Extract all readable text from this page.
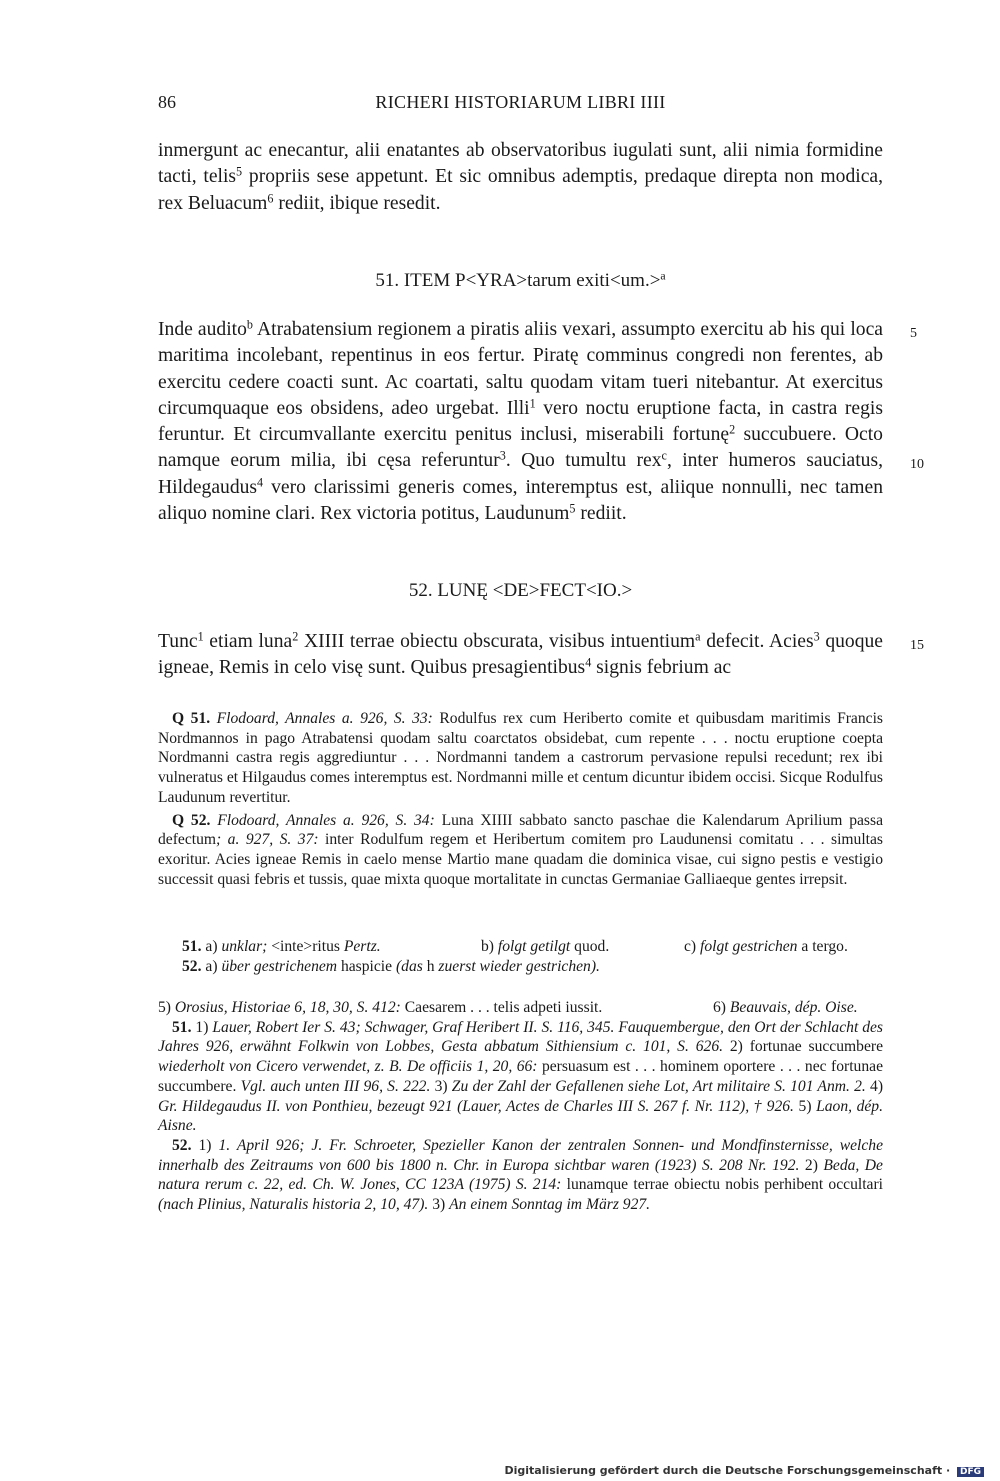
86	RICHERI HISTORIARUM LIBRI IIII

inmergunt ac enecantur, alii enatantes ab observatoribus iugulati sunt, alii nimia formidine tacti, telis$^5$ propriis sese appetunt. Et sic omnibus ademptis, predaque direpta non modica, rex Beluacum$^6$ rediit, ibique resedit.

51. ITEM P<YRA>tarum exiti<um.>$^a$

Inde audito$^b$ Atrabatensium regionem a piratis aliis vexari, assumpto exercitu ab his qui loca maritima incolebant, repentinus in eos fertur. Piratę comminus congredi non ferentes, ab exercitu cedere coacti sunt. Ac coartati, saltu quodam vitam tueri nitebantur. At exercitus circumquaque eos obsidens, adeo urgebat. Illi$^1$ vero noctu eruptione facta, in castra regis feruntur. Et circumvallante exercitu penitus inclusi, miserabili fortunę$^2$ succubuere. Octo namque eorum milia, ibi cęsa referuntur$^3$. Quo tumultu rex$^c$, inter humeros sauciatus, Hildegaudus$^4$ vero clarissimi generis comes, interemptus est, aliique nonnulli, nec tamen aliquo nomine clari. Rex victoria potitus, Laudunum$^5$ rediit.

5
10
52. LUNĘ <DE>FECT<IO.>

Tunc$^1$ etiam luna$^2$ XIIII terrae obiectu obscurata, visibus intuentium$^a$ defecit. Acies$^3$ quoque igneae, Remis in celo visę sunt. Quibus presagientibus$^4$ signis febrium ac

15

Q 51. Flodoard, Annales a. 926, S. 33: Rodulfus rex cum Heriberto comite et quibusdam maritimis Francis Nordmannos in pago Atrabatensi quodam saltu coarctatos obsidebat, cum repente . . . noctu eruptione coepta Nordmanni castra regis aggrediuntur . . . Nordmanni tandem a castrorum pervasione repulsi recedunt; rex ibi vulneratus et Hilgaudus comes interemptus est. Nordmanni mille et centum dicuntur ibidem occisi. Sicque Rodulfus Laudunum revertitur.

Q 52. Flodoard, Annales a. 926, S. 34: Luna XIIII sabbato sancto paschae die Kalendarum Aprilium passa defectum; a. 927, S. 37: inter Rodulfum regem et Heribertum comitem pro Laudunensi comitatu . . . simultas exoritur. Acies igneae Remis in caelo mense Martio mane quadam die dominica visae, cui signo pestis e vestigio successit quasi febris et tussis, quae mixta quoque mortalitate in cunctas Germaniae Galliaeque gentes irrepsit.

51. a) unklar; <inte>ritus Pertz.	b) folgt getilgt quod.	c) folgt gestrichen a tergo.
52. a) über gestrichenem haspicie (das h zuerst wieder gestrichen).

5) Orosius, Historiae 6, 18, 30, S. 412: Caesarem . . . telis adpeti iussit.	6) Beauvais, dép. Oise.

51. 1) Lauer, Robert Ier S. 43; Schwager, Graf Heribert II. S. 116, 345. Fauquembergue, den Ort der Schlacht des Jahres 926, erwähnt Folkwin von Lobbes, Gesta abbatum Sithiensium c. 101, S. 626. 2) fortunae succumbere wiederholt von Cicero verwendet, z. B. De officiis 1, 20, 66: persuasum est . . . hominem oportere . . . nec fortunae succumbere. Vgl. auch unten III 96, S. 222. 3) Zu der Zahl der Gefallenen siehe Lot, Art militaire S. 101 Anm. 2. 4) Gr. Hildegaudus II. von Ponthieu, bezeugt 921 (Lauer, Actes de Charles III S. 267 f. Nr. 112), † 926. 5) Laon, dép. Aisne.

52. 1) 1. April 926; J. Fr. Schroeter, Spezieller Kanon der zentralen Sonnen- und Mondfinsternisse, welche innerhalb des Zeitraums von 600 bis 1800 n. Chr. in Europa sichtbar waren (1923) S. 208 Nr. 192. 2) Beda, De natura rerum c. 22, ed. Ch. W. Jones, CC 123A (1975) S. 214: lunamque terrae obiectu nobis perhibent occultari (nach Plinius, Naturalis historia 2, 10, 47). 3) An einem Sonntag im März 927.

Digitalisierung gefördert durch die Deutsche Forschungsgemeinschaft · DFG
